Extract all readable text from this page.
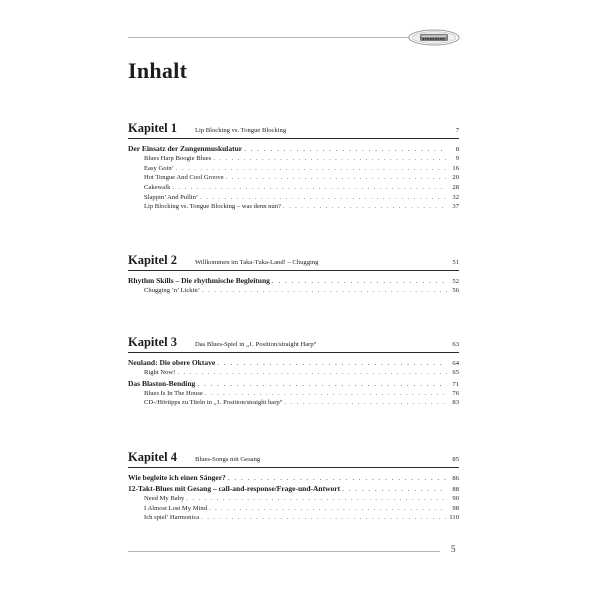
Inhalt
Kapitel 1	Lip Blocking vs. Tongue Blocking	7
Der Einsatz der Zungenmuskulatur . . .	8
Blues Harp Boogie Blues . . .	9
Easy Goin’ . . .	16
Hot Tongue And Cool Groove . . .	20
Cakewalk . . .	28
Slappin’ And Pullin’ . . .	32
Lip Blocking vs. Tongue Blocking – was denn nun? . . .	37
Kapitel 2	Willkommen im Taka-Tuka-Land! – Chugging	51
Rhythm Skills – Die rhythmische Begleitung . . .	52
Chugging ’n’ Lickin’ . . .	56
Kapitel 3	Das Blues-Spiel in „1. Position/straight Harp“	63
Neuland: Die obere Oktave . . .	64
Right Now! . . .	65
Das Blaston-Bending . . .	71
Blues Is In The House . . .	76
CD-/Hörtipps zu Titeln in „1. Position/straight harp“ . . .	83
Kapitel 4	Blues-Songs mit Gesang	85
Wie begleite ich einen Sänger? . . .	86
12-Takt-Blues mit Gesang – call-and-response/Frage-und-Antwort . . .	88
Need My Baby . . .	90
I Almost Lost My Mind . . .	98
Ich spiel’ Harmonica . . .	110
5
